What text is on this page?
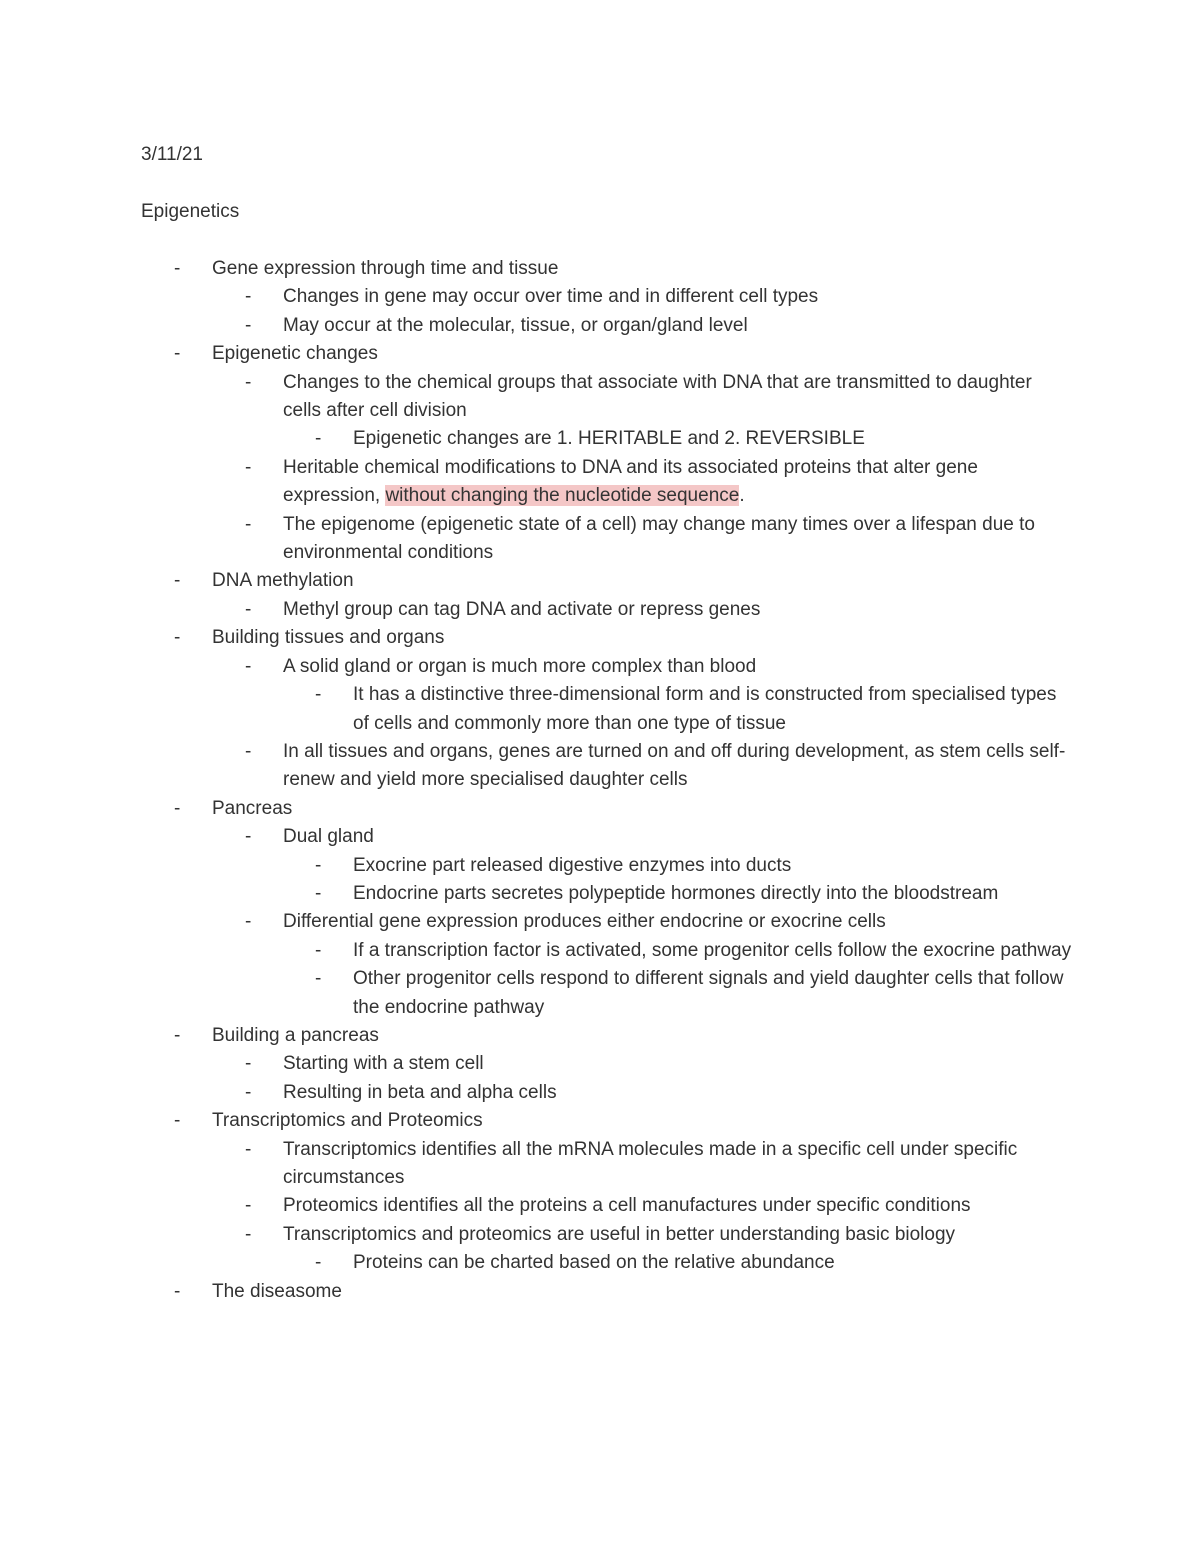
3/11/21
Epigenetics
- Gene expression through time and tissue
- Changes in gene may occur over time and in different cell types
- May occur at the molecular, tissue, or organ/gland level
- Epigenetic changes
- Changes to the chemical groups that associate with DNA that are transmitted to daughter cells after cell division
- Epigenetic changes are 1. HERITABLE and 2. REVERSIBLE
- Heritable chemical modifications to DNA and its associated proteins that alter gene expression, without changing the nucleotide sequence.
- The epigenome (epigenetic state of a cell) may change many times over a lifespan due to environmental conditions
- DNA methylation
- Methyl group can tag DNA and activate or repress genes
- Building tissues and organs
- A solid gland or organ is much more complex than blood
- It has a distinctive three-dimensional form and is constructed from specialised types of cells and commonly more than one type of tissue
- In all tissues and organs, genes are turned on and off during development, as stem cells self-renew and yield more specialised daughter cells
- Pancreas
- Dual gland
- Exocrine part released digestive enzymes into ducts
- Endocrine parts secretes polypeptide hormones directly into the bloodstream
- Differential gene expression produces either endocrine or exocrine cells
- If a transcription factor is activated, some progenitor cells follow the exocrine pathway
- Other progenitor cells respond to different signals and yield daughter cells that follow the endocrine pathway
- Building a pancreas
- Starting with a stem cell
- Resulting in beta and alpha cells
- Transcriptomics and Proteomics
- Transcriptomics identifies all the mRNA molecules made in a specific cell under specific circumstances
- Proteomics identifies all the proteins a cell manufactures under specific conditions
- Transcriptomics and proteomics are useful in better understanding basic biology
- Proteins can be charted based on the relative abundance
- The diseasome
